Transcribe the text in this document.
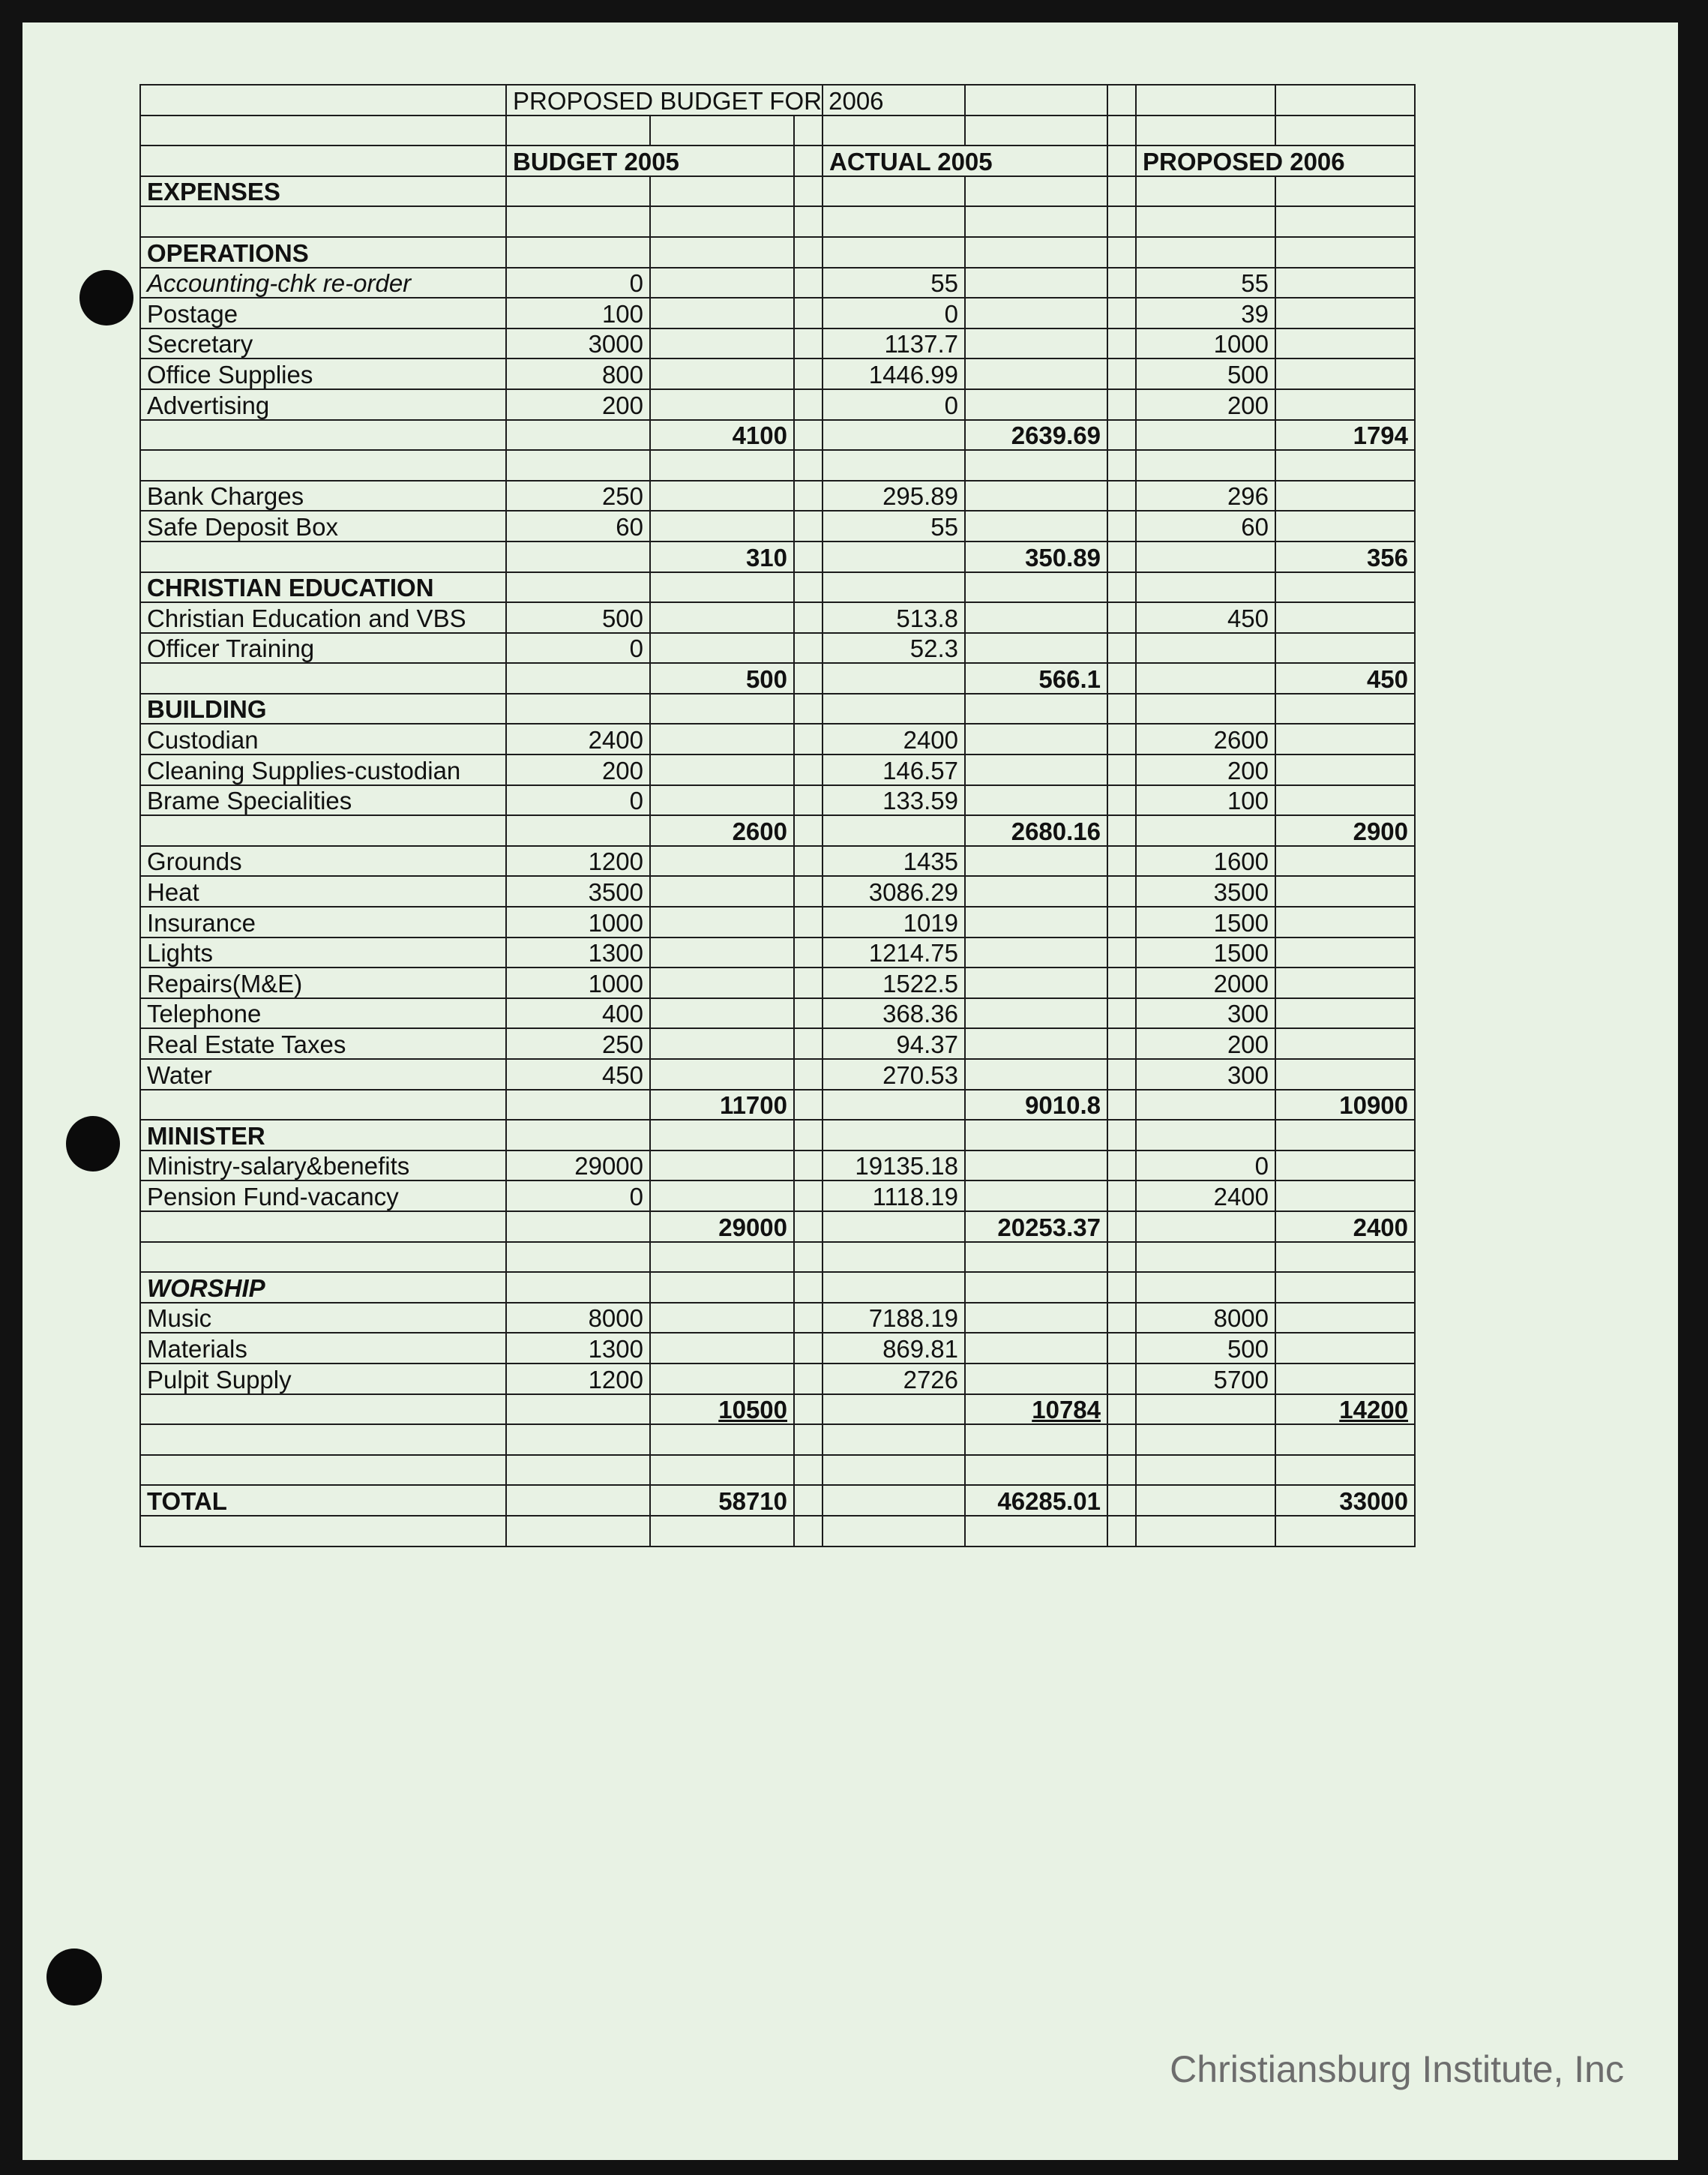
	PROPOSED BUDGET FOR 2006							

	BUDGET 2005			ACTUAL 2005			PROPOSED 2006	
EXPENSES								

OPERATIONS								
Accounting-chk re-order	0			55			55	
Postage	100			0			39	
Secretary	3000			1137.7			1000	
Office Supplies	800			1446.99			500	
Advertising	200			0			200	
		4100			2639.69			1794

Bank Charges	250			295.89			296	
Safe Deposit Box	60			55			60	
		310			350.89			356
CHRISTIAN EDUCATION								
Christian Education and VBS	500			513.8			450	
Officer Training	0			52.3				
		500			566.1			450
BUILDING								
Custodian	2400			2400			2600	
Cleaning Supplies-custodian	200			146.57			200	
Brame Specialities	0			133.59			100	
		2600			2680.16			2900
Grounds	1200			1435			1600	
Heat	3500			3086.29			3500	
Insurance	1000			1019			1500	
Lights	1300			1214.75			1500	
Repairs(M&E)	1000			1522.5			2000	
Telephone	400			368.36			300	
Real Estate Taxes	250			94.37			200	
Water	450			270.53			300	
		11700			9010.8			10900
MINISTER								
Ministry-salary&benefits	29000			19135.18			0	
Pension Fund-vacancy	0			1118.19			2400	
		29000			20253.37			2400

WORSHIP								
Music	8000			7188.19			8000	
Materials	1300			869.81			500	
Pulpit Supply	1200			2726			5700	
		10500			10784			14200

TOTAL		58710			46285.01			33000

Christiansburg Institute, Inc
